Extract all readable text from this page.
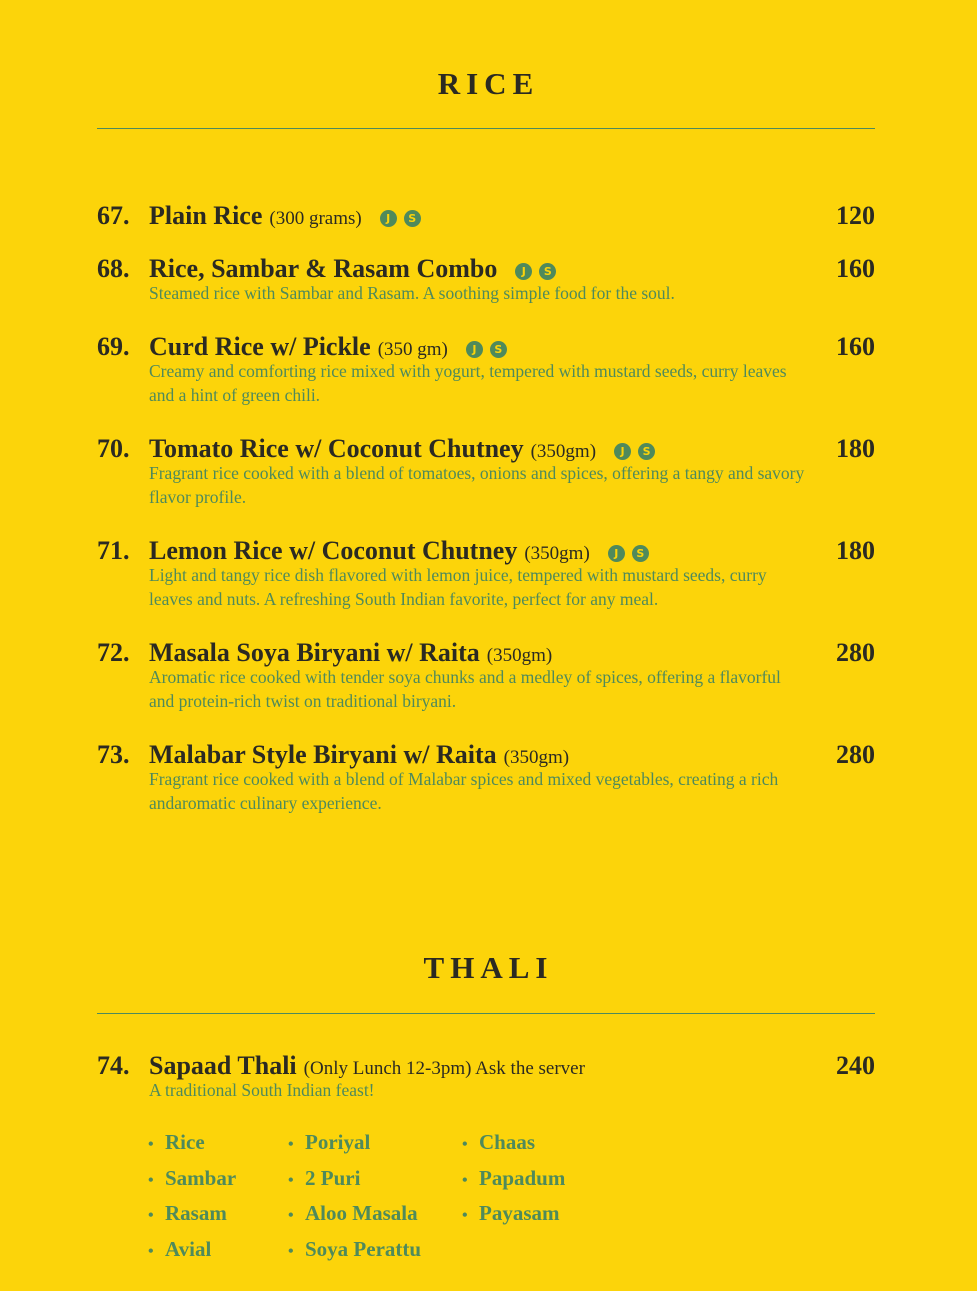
RICE
THALI
67. Plain Rice (300 grams)	J	S	120
68. Rice, Sambar & Rasam Combo	J	S	160
Steamed rice with Sambar and Rasam. A soothing simple food for the soul.
69. Curd Rice w/ Pickle (350 gm)	J	S	160
Creamy and comforting rice mixed with yogurt, tempered with mustard seeds, curry leaves and a hint of green chili.
70. Tomato Rice w/ Coconut Chutney (350gm)	J	S	180
Fragrant rice cooked with a blend of tomatoes, onions and spices, offering a tangy and savory flavor profile.
71. Lemon Rice w/ Coconut Chutney (350gm)	J	S	180
Light and tangy rice dish flavored with lemon juice, tempered with mustard seeds, curry leaves and nuts. A refreshing South Indian favorite, perfect for any meal.
72. Masala Soya Biryani w/ Raita (350gm)	280
Aromatic rice cooked with tender soya chunks and a medley of spices, offering a flavorful and protein-rich twist on traditional biryani.
73. Malabar Style Biryani w/ Raita (350gm)	280
Fragrant rice cooked with a blend of Malabar spices and mixed vegetables, creating a rich andaromatic culinary experience.
74. Sapaad Thali (Only Lunch 12-3pm) Ask the server	240
A traditional South Indian feast!
• Rice
• Sambar
• Rasam
• Avial
• Poriyal
• 2 Puri
• Aloo Masala
• Soya Perattu
• Chaas
• Papadum
• Payasam
